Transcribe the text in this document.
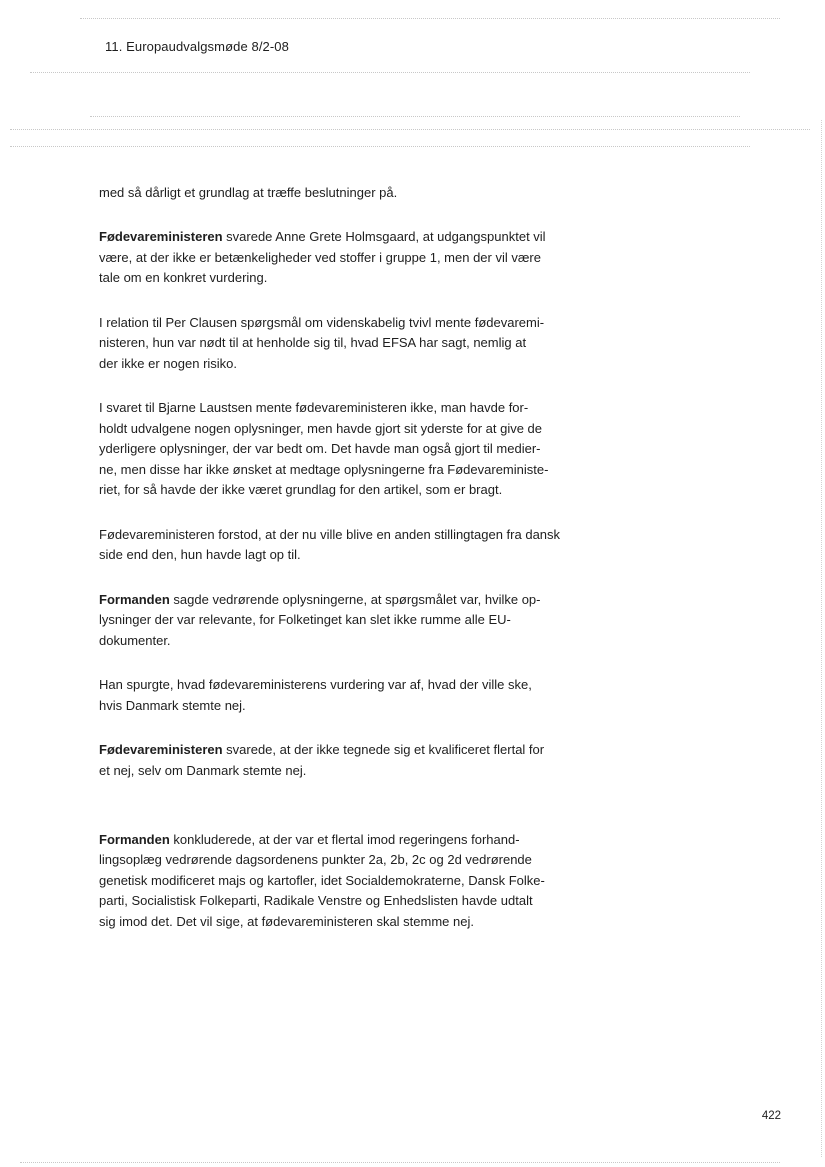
11. Europaudvalgsmøde 8/2-08

med så dårligt et grundlag at træffe beslutninger på.

Fødevareministeren svarede Anne Grete Holmsgaard, at udgangspunktet vil
være, at der ikke er betænkeligheder ved stoffer i gruppe 1, men der vil være
tale om en konkret vurdering.

I relation til Per Clausen spørgsmål om videnskabelig tvivl mente fødevaremi-
nisteren, hun var nødt til at henholde sig til, hvad EFSA har sagt, nemlig at
der ikke er nogen risiko.

I svaret til Bjarne Laustsen mente fødevareministeren ikke, man havde for-
holdt udvalgene nogen oplysninger, men havde gjort sit yderste for at give de
yderligere oplysninger, der var bedt om. Det havde man også gjort til medier-
ne, men disse har ikke ønsket at medtage oplysningerne fra Fødevareministe-
riet, for så havde der ikke været grundlag for den artikel, som er bragt.

Fødevareministeren forstod, at der nu ville blive en anden stillingtagen fra dansk
side end den, hun havde lagt op til.

Formanden sagde vedrørende oplysningerne, at spørgsmålet var, hvilke op-
lysninger der var relevante, for Folketinget kan slet ikke rumme alle EU-
dokumenter.

Han spurgte, hvad fødevareministerens vurdering var af, hvad der ville ske,
hvis Danmark stemte nej.

Fødevareministeren svarede, at der ikke tegnede sig et kvalificeret flertal for
et nej, selv om Danmark stemte nej.

Formanden konkluderede, at der var et flertal imod regeringens forhand-
lingsoplæg vedrørende dagsordenens punkter 2a, 2b, 2c og 2d vedrørende
genetisk modificeret majs og kartofler, idet Socialdemokraterne, Dansk Folke-
parti, Socialistisk Folkeparti, Radikale Venstre og Enhedslisten havde udtalt
sig imod det. Det vil sige, at fødevareministeren skal stemme nej.

422
